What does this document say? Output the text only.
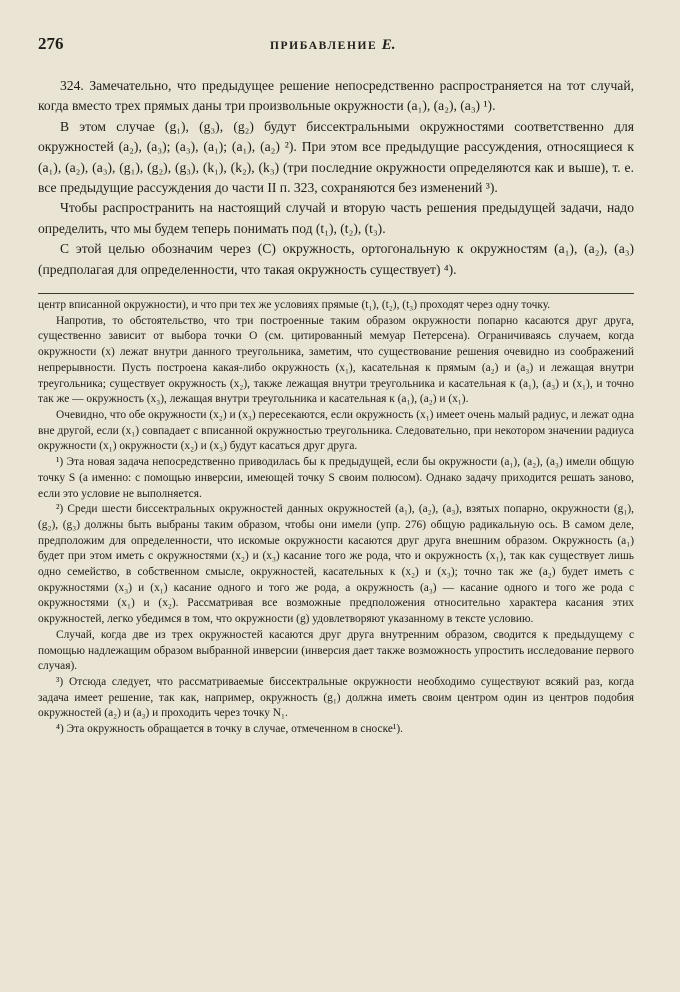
276	ПРИБАВЛЕНИЕ Е.

324. Замечательно, что предыдущее решение непосредственно распространяется на тот случай, когда вместо трех прямых даны три произвольные окружности (a₁), (a₂), (a₃) ¹).

В этом случае (g₁), (g₃), (g₂) будут биссектральными окружностями соответственно для окружностей (a₂), (a₃); (a₃), (a₁); (a₁), (a₂) ²). При этом все предыдущие рассуждения, относящиеся к (a₁), (a₂), (a₃), (g₁), (g₂), (g₃), (k₁), (k₂), (k₃) (три последние окружности определяются как и выше), т. е. все предыдущие рассуждения до части II п. 323, сохраняются без изменений ³).

Чтобы распространить на настоящий случай и вторую часть решения предыдущей задачи, надо определить, что мы будем теперь понимать под (t₁), (t₂), (t₃).

С этой целью обозначим через (C) окружность, ортогональную к окружностям (a₁), (a₂), (a₃) (предполагая для определенности, что такая окружность существует) ⁴).

центр вписанной окружности), и что при тех же условиях прямые (t₁), (t₂), (t₃) проходят через одну точку.

Напротив, то обстоятельство, что три построенные таким образом окружности попарно касаются друг друга, существенно зависит от выбора точки O (см. цитированный мемуар Петерсена). Ограничиваясь случаем, когда окружности (x) лежат внутри данного треугольника, заметим, что существование решения очевидно из соображений непрерывности. Пусть построена какая-либо окружность (x₁), касательная к прямым (a₂) и (a₃) и лежащая внутри треугольника; существует окружность (x₂), также лежащая внутри треугольника и касательная к (a₁), (a₃) и (x₁), и точно так же — окружность (x₃), лежащая внутри треугольника и касательная к (a₁), (a₂) и (x₁).

Очевидно, что обе окружности (x₂) и (x₃) пересекаются, если окружность (x₁) имеет очень малый радиус, и лежат одна вне другой, если (x₁) совпадает с вписанной окружностью треугольника. Следовательно, при некотором значении радиуса окружности (x₁) окружности (x₂) и (x₃) будут касаться друг друга.

¹) Эта новая задача непосредственно приводилась бы к предыдущей, если бы окружности (a₁), (a₂), (a₃) имели общую точку S (а именно: с помощью инверсии, имеющей точку S своим полюсом). Однако задачу приходится решать заново, если это условие не выполняется.

²) Среди шести биссектральных окружностей данных окружностей (a₁), (a₂), (a₃), взятых попарно, окружности (g₁), (g₂), (g₃) должны быть выбраны таким образом, чтобы они имели (упр. 276) общую радикальную ось. В самом деле, предположим для определенности, что искомые окружности касаются друг друга внешним образом. Окружность (a₁) будет при этом иметь с окружностями (x₂) и (x₃) касание того же рода, что и окружность (x₁), так как существует лишь одно семейство, в собственном смысле, окружностей, касательных к (x₂) и (x₃); точно так же (a₂) будет иметь с окружностями (x₃) и (x₁) касание одного и того же рода, а окружность (a₃) — касание одного и того же рода с окружностями (x₁) и (x₂). Рассматривая все возможные предположения относительно характера касания этих окружностей, легко убедимся в том, что окружности (g) удовлетворяют указанному в тексте условию.

Случай, когда две из трех окружностей касаются друг друга внутренним образом, сводится к предыдущему с помощью надлежащим образом выбранной инверсии (инверсия дает также возможность упростить исследование первого случая).

³) Отсюда следует, что рассматриваемые биссектральные окружности необходимо существуют всякий раз, когда задача имеет решение, так как, например, окружность (g₁) должна иметь своим центром один из центров подобия окружностей (a₂) и (a₃) и проходить через точку N₁.

⁴) Эта окружность обращается в точку в случае, отмеченном в сноске¹).
